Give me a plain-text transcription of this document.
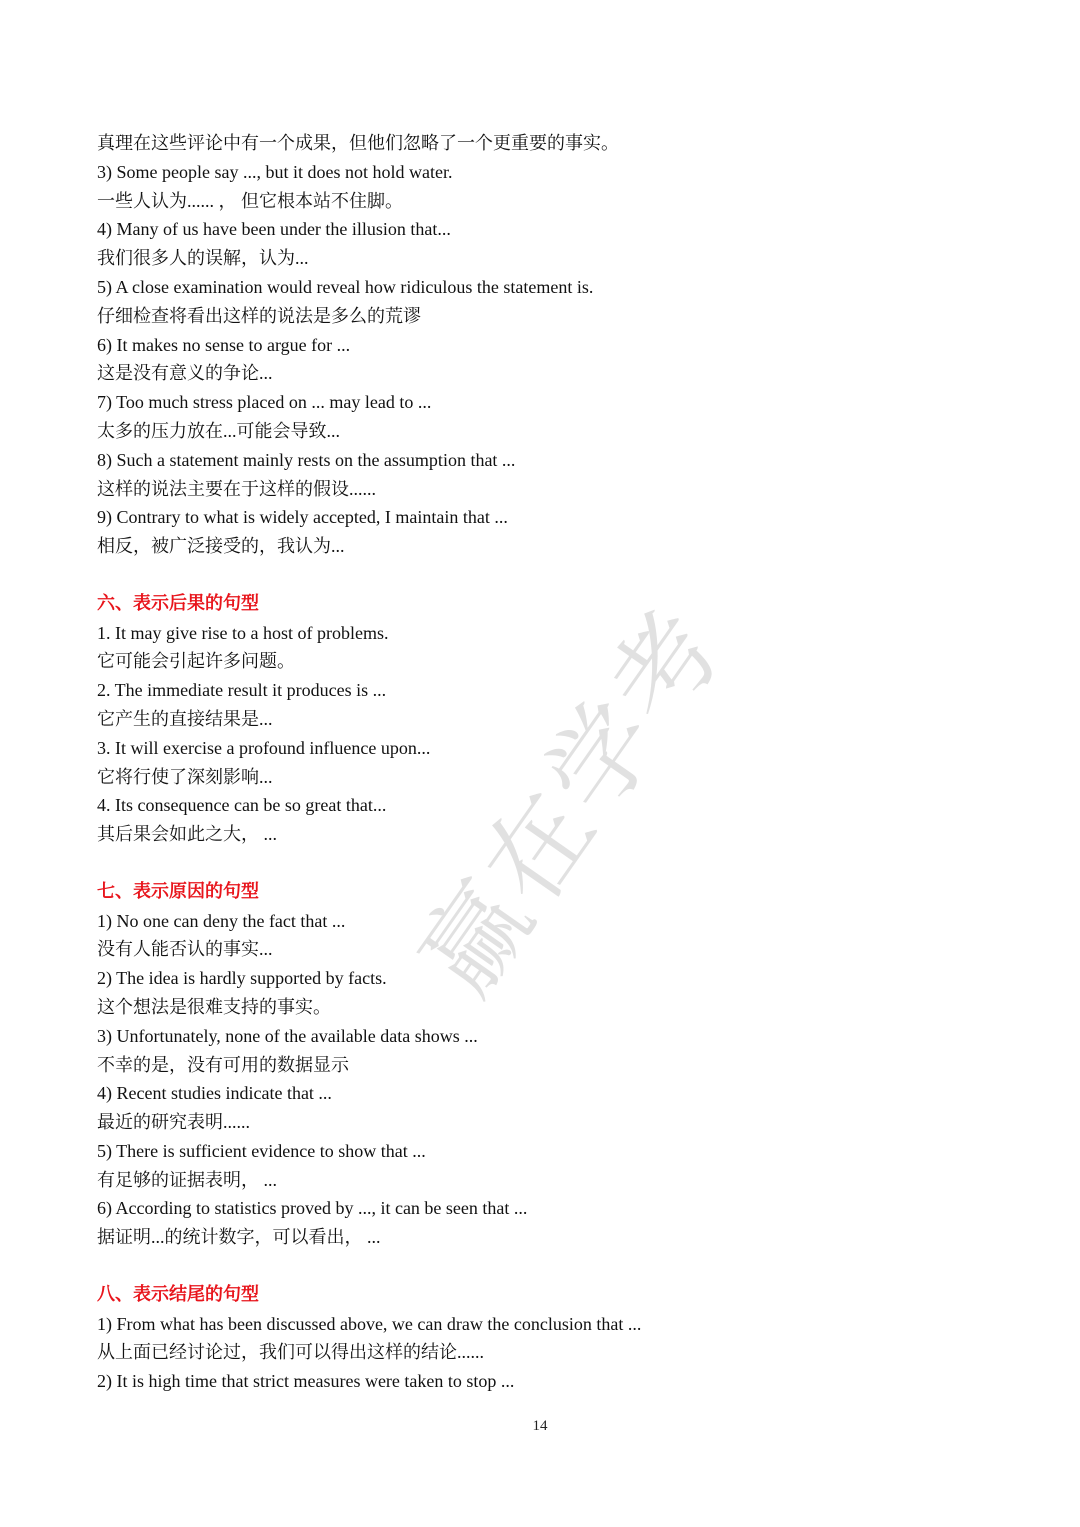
真理在这些评论中有一个成果，但他们忽略了一个更重要的事实。

3) Some people say ..., but it does not hold water.

一些人认为...... ， 但它根本站不住脚。

4) Many of us have been under the illusion that...

我们很多人的误解，认为...

5) A close examination would reveal how ridiculous the statement is.

仔细检查将看出这样的说法是多么的荒谬

6) It makes no sense to argue for ...

这是没有意义的争论...

7) Too much stress placed on ... may lead to ...

太多的压力放在...可能会导致...

8) Such a statement mainly rests on the assumption that ...

这样的说法主要在于这样的假设......

9) Contrary to what is widely accepted, I maintain that ...

相反，被广泛接受的，我认为...

六、表示后果的句型

1. It may give rise to a host of problems.

它可能会引起许多问题。

2. The immediate result it produces is ...

它产生的直接结果是...

3. It will exercise a profound influence upon...

它将行使了深刻影响...

4. Its consequence can be so great that...

其后果会如此之大， ...

七、表示原因的句型

1) No one can deny the fact that ...

没有人能否认的事实...

2) The idea is hardly supported by facts.

这个想法是很难支持的事实。

3) Unfortunately, none of the available data shows ...

不幸的是，没有可用的数据显示

4) Recent studies indicate that ...

最近的研究表明......

5) There is sufficient evidence to show that ...

有足够的证据表明， ...

6) According to statistics proved by ..., it can be seen that ...

据证明...的统计数字，可以看出， ...

八、表示结尾的句型

1) From what has been discussed above, we can draw the conclusion that ...

从上面已经讨论过，我们可以得出这样的结论......

2) It is high time that strict measures were taken to stop ...

赢在学考
14
